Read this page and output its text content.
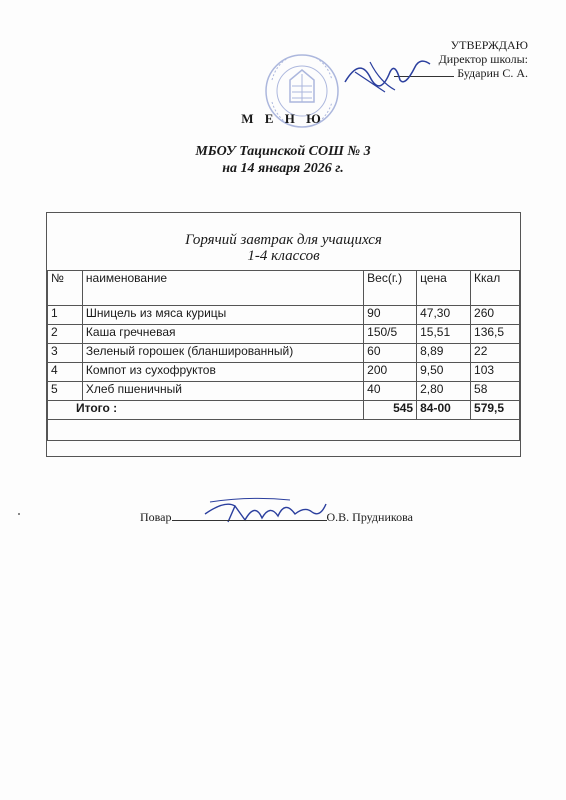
УТВЕРЖДАЮ
Директор школы:
Бударин С. А.
М Е Н Ю
МБОУ Тацинской СОШ № 3
на 14 января 2026 г.
Горячий завтрак для учащихся
1-4 классов
№	наименование	Вес(г.)	цена	Ккал
1	Шницель из мяса курицы	90	47,30	260
2	Каша гречневая	150/5	15,51	136,5
3	Зеленый горошек (бланшированный)	60	8,89	22
4	Компот из сухофруктов	200	9,50	103
5	Хлеб пшеничный	40	2,80	58
Итого :		545	84-00	579,5

Повар	О.В. Прудникова
